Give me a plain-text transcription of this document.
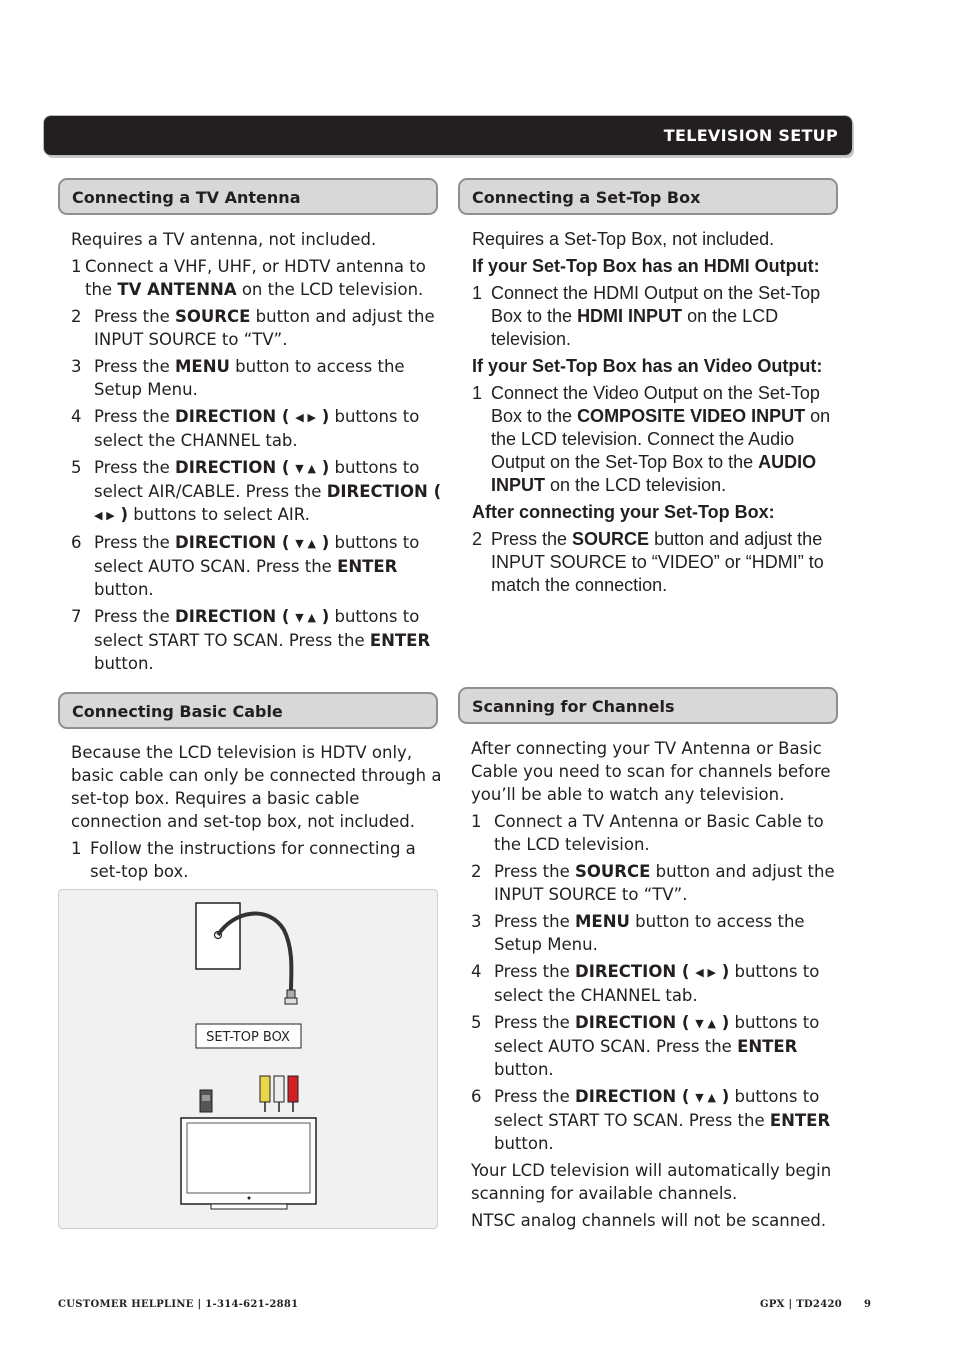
TELEVISION SETUP
Connecting a TV Antenna

Requires a TV antenna, not included.

1 Connect a VHF, UHF, or HDTV antenna to the TV ANTENNA on the LCD television.
2 Press the SOURCE button and adjust the INPUT SOURCE to “TV”.
3 Press the MENU button to access the Setup Menu.
4 Press the DIRECTION ( ◀ ▶ ) buttons to select the CHANNEL tab.
5 Press the DIRECTION ( ▼ ▲ ) buttons to select AIR/CABLE. Press the DIRECTION ( ◀ ▶ ) buttons to select AIR.
6 Press the DIRECTION ( ▼ ▲ ) buttons to select AUTO SCAN. Press the ENTER button.
7 Press the DIRECTION ( ▼ ▲ ) buttons to select START TO SCAN. Press the ENTER button.
Connecting Basic Cable

Because the LCD television is HDTV only, basic cable can only be connected through a set-top box. Requires a basic cable connection and set-top box, not included.

1 Follow the instructions for connecting a set-top box.
SET-TOP BOX
Connecting a Set-Top Box

Requires a Set-Top Box, not included.

If your Set-Top Box has an HDMI Output:

1 Connect the HDMI Output on the Set-Top Box to the HDMI INPUT on the LCD television.

If your Set-Top Box has an Video Output:

1 Connect the Video Output on the Set-Top Box to the COMPOSITE VIDEO INPUT on the LCD television. Connect the Audio Output on the Set-Top Box to the AUDIO INPUT on the LCD television.

After connecting your Set-Top Box:

2 Press the SOURCE button and adjust the INPUT SOURCE to “VIDEO” or “HDMI” to match the connection.
Scanning for Channels

After connecting your TV Antenna or Basic Cable you need to scan for channels before you’ll be able to watch any television.

1 Connect a TV Antenna or Basic Cable to the LCD television.
2 Press the SOURCE button and adjust the INPUT SOURCE to “TV”.
3 Press the MENU button to access the Setup Menu.
4 Press the DIRECTION ( ◀ ▶ ) buttons to select the CHANNEL tab.
5 Press the DIRECTION ( ▼ ▲ ) buttons to select AUTO SCAN. Press the ENTER button.
6 Press the DIRECTION ( ▼ ▲ ) buttons to select START TO SCAN. Press the ENTER button.

Your LCD television will automatically begin scanning for available channels.

NTSC analog channels will not be scanned.

CUSTOMER HELPLINE | 1-314-621-2881	GPX | TD2420 9
